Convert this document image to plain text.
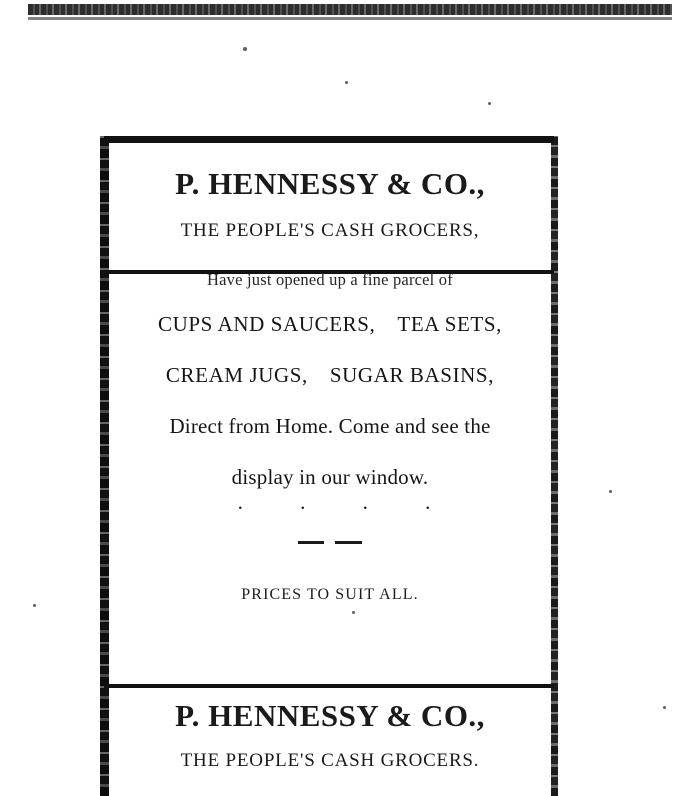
P. HENNESSY & CO.,
THE PEOPLE'S CASH GROCERS,

Have just opened up a fine parcel of

CUPS AND SAUCERS, TEA SETS,

CREAM JUGS, SUGAR BASINS,

Direct from Home. Come and see the

display in our window.. . . .

PRICES TO SUIT ALL.

P. HENNESSY & CO.,
THE PEOPLE'S CASH GROCERS.
